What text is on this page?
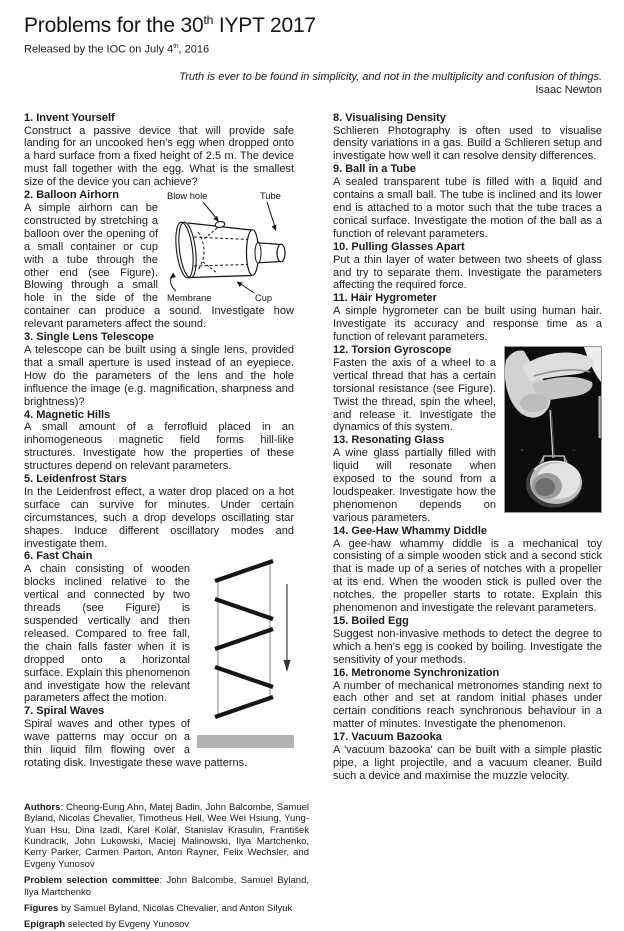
Problems for the 30th IYPT 2017
Released by the IOC on July 4th, 2016
Truth is ever to be found in simplicity, and not in the multiplicity and confusion of things.
Isaac Newton
1. Invent Yourself

Construct a passive device that will provide safe landing for an uncooked hen's egg when dropped onto a hard surface from a fixed height of 2.5 m. The device must fall together with the egg. What is the smallest size of the device you can achieve?

Blow hole	Tube
Membrane	Cup
2. Balloon Airhorn

A simple airhorn can be constructed by stretching a balloon over the opening of a small container or cup with a tube through the other end (see Figure). Blowing through a small hole in the side of the container can produce a sound. Investigate how relevant parameters affect the sound.

3. Single Lens Telescope

A telescope can be built using a single lens, provided that a small aperture is used instead of an eyepiece. How do the parameters of the lens and the hole influence the image (e.g. magnification, sharpness and brightness)?

4. Magnetic Hills

A small amount of a ferrofluid placed in an inhomogeneous magnetic field forms hill-like structures. Investigate how the properties of these structures depend on relevant parameters.

5. Leidenfrost Stars

In the Leidenfrost effect, a water drop placed on a hot surface can survive for minutes. Under certain circumstances, such a drop develops oscillating star shapes. Induce different oscillatory modes and investigate them.

6. Fast Chain

A chain consisting of wooden blocks inclined relative to the vertical and connected by two threads (see Figure) is suspended vertically and then released. Compared to free fall, the chain falls faster when it is dropped onto a horizontal surface. Explain this phenomenon and investigate how the relevant parameters affect the motion.

7. Spiral Waves

Spiral waves and other types of wave patterns may occur on a thin liquid film flowing over a rotating disk. Investigate these wave patterns.

8. Visualising Density

Schlieren Photography is often used to visualise density variations in a gas. Build a Schlieren setup and investigate how well it can resolve density differences.

9. Ball in a Tube

A sealed transparent tube is filled with a liquid and contains a small ball. The tube is inclined and its lower end is attached to a motor such that the tube traces a conical surface. Investigate the motion of the ball as a function of relevant parameters.

10. Pulling Glasses Apart

Put a thin layer of water between two sheets of glass and try to separate them. Investigate the parameters affecting the required force.

11. Hair Hygrometer

A simple hygrometer can be built using human hair. Investigate its accuracy and response time as a function of relevant parameters.

12. Torsion Gyroscope

Fasten the axis of a wheel to a vertical thread that has a certain torsional resistance (see Figure). Twist the thread, spin the wheel, and release it. Investigate the dynamics of this system.

13. Resonating Glass

A wine glass partially filled with liquid will resonate when exposed to the sound from a loudspeaker. Investigate how the phenomenon depends on various parameters.

14. Gee-Haw Whammy Diddle

A gee-haw whammy diddle is a mechanical toy consisting of a simple wooden stick and a second stick that is made up of a series of notches with a propeller at its end. When the wooden stick is pulled over the notches, the propeller starts to rotate. Explain this phenomenon and investigate the relevant parameters.

15. Boiled Egg

Suggest non-invasive methods to detect the degree to which a hen's egg is cooked by boiling. Investigate the sensitivity of your methods.

16. Metronome Synchronization

A number of mechanical metronomes standing next to each other and set at random initial phases under certain conditions reach synchronous behaviour in a matter of minutes. Investigate the phenomenon.

17. Vacuum Bazooka

A 'vacuum bazooka' can be built with a simple plastic pipe, a light projectile, and a vacuum cleaner. Build such a device and maximise the muzzle velocity.

Authors: Cheong-Eung Ahn, Matej Badin, John Balcombe, Samuel Byland, Nicolas Chevalier, Timotheus Hell, Wee Wei Hsiung, Yung-Yuan Hsu, Dina Izadi, Karel Kolář, Stanislav Krasulin, František Kundracik, John Lukowski, Maciej Malinowski, Ilya Martchenko, Kerry Parker, Carmen Parton, Anton Rayner, Felix Wechsler, and Evgeny Yunosov

Problem selection committee: John Balcombe, Samuel Byland, Ilya Martchenko

Figures by Samuel Byland, Nicolas Chevalier, and Anton Silyuk

Epigraph selected by Evgeny Yunosov
